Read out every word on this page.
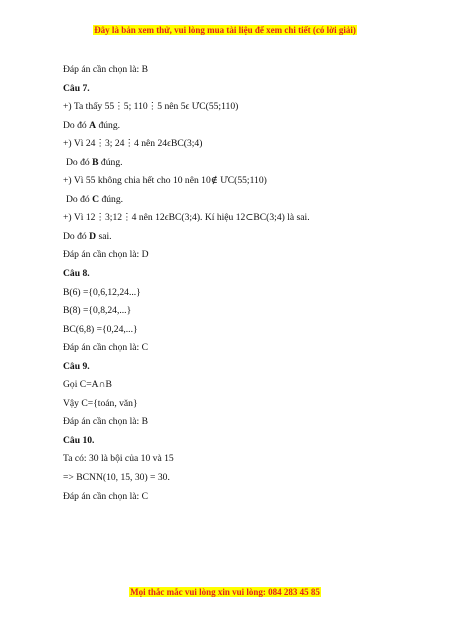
Đây là bản xem thử, vui lòng mua tài liệu để xem chi tiết (có lời giải)
Đáp án cần chọn là: B
Câu 7.
+) Ta thấy 55⋮5; 110⋮5 nên 5ϵ ƯC(55;110)
Do đó A đúng.
+) Vì 24⋮3; 24⋮4 nên 24ϵBC(3;4)
Do đó B đúng.
+) Vì 55 không chia hết cho 10 nên 10∉ ƯC(55;110)
Do đó C đúng.
+) Vì 12⋮3;12⋮4 nên 12ϵBC(3;4). Kí hiệu 12⊂BC(3;4) là sai.
Do đó D sai.
Đáp án cần chọn là: D
Câu 8.
B(6) ={0,6,12,24...}
B(8) ={0,8,24,...}
BC(6,8) ={0,24,...}
Đáp án cần chọn là: C
Câu 9.
Gọi C=A∩B
Vậy C={toán, văn}
Đáp án cần chọn là: B
Câu 10.
Ta có: 30 là bội của 10 và 15
=> BCNN(10, 15, 30) = 30.
Đáp án cần chọn là: C
Mọi thắc mắc vui lòng xin vui lòng: 084 283 45 85
